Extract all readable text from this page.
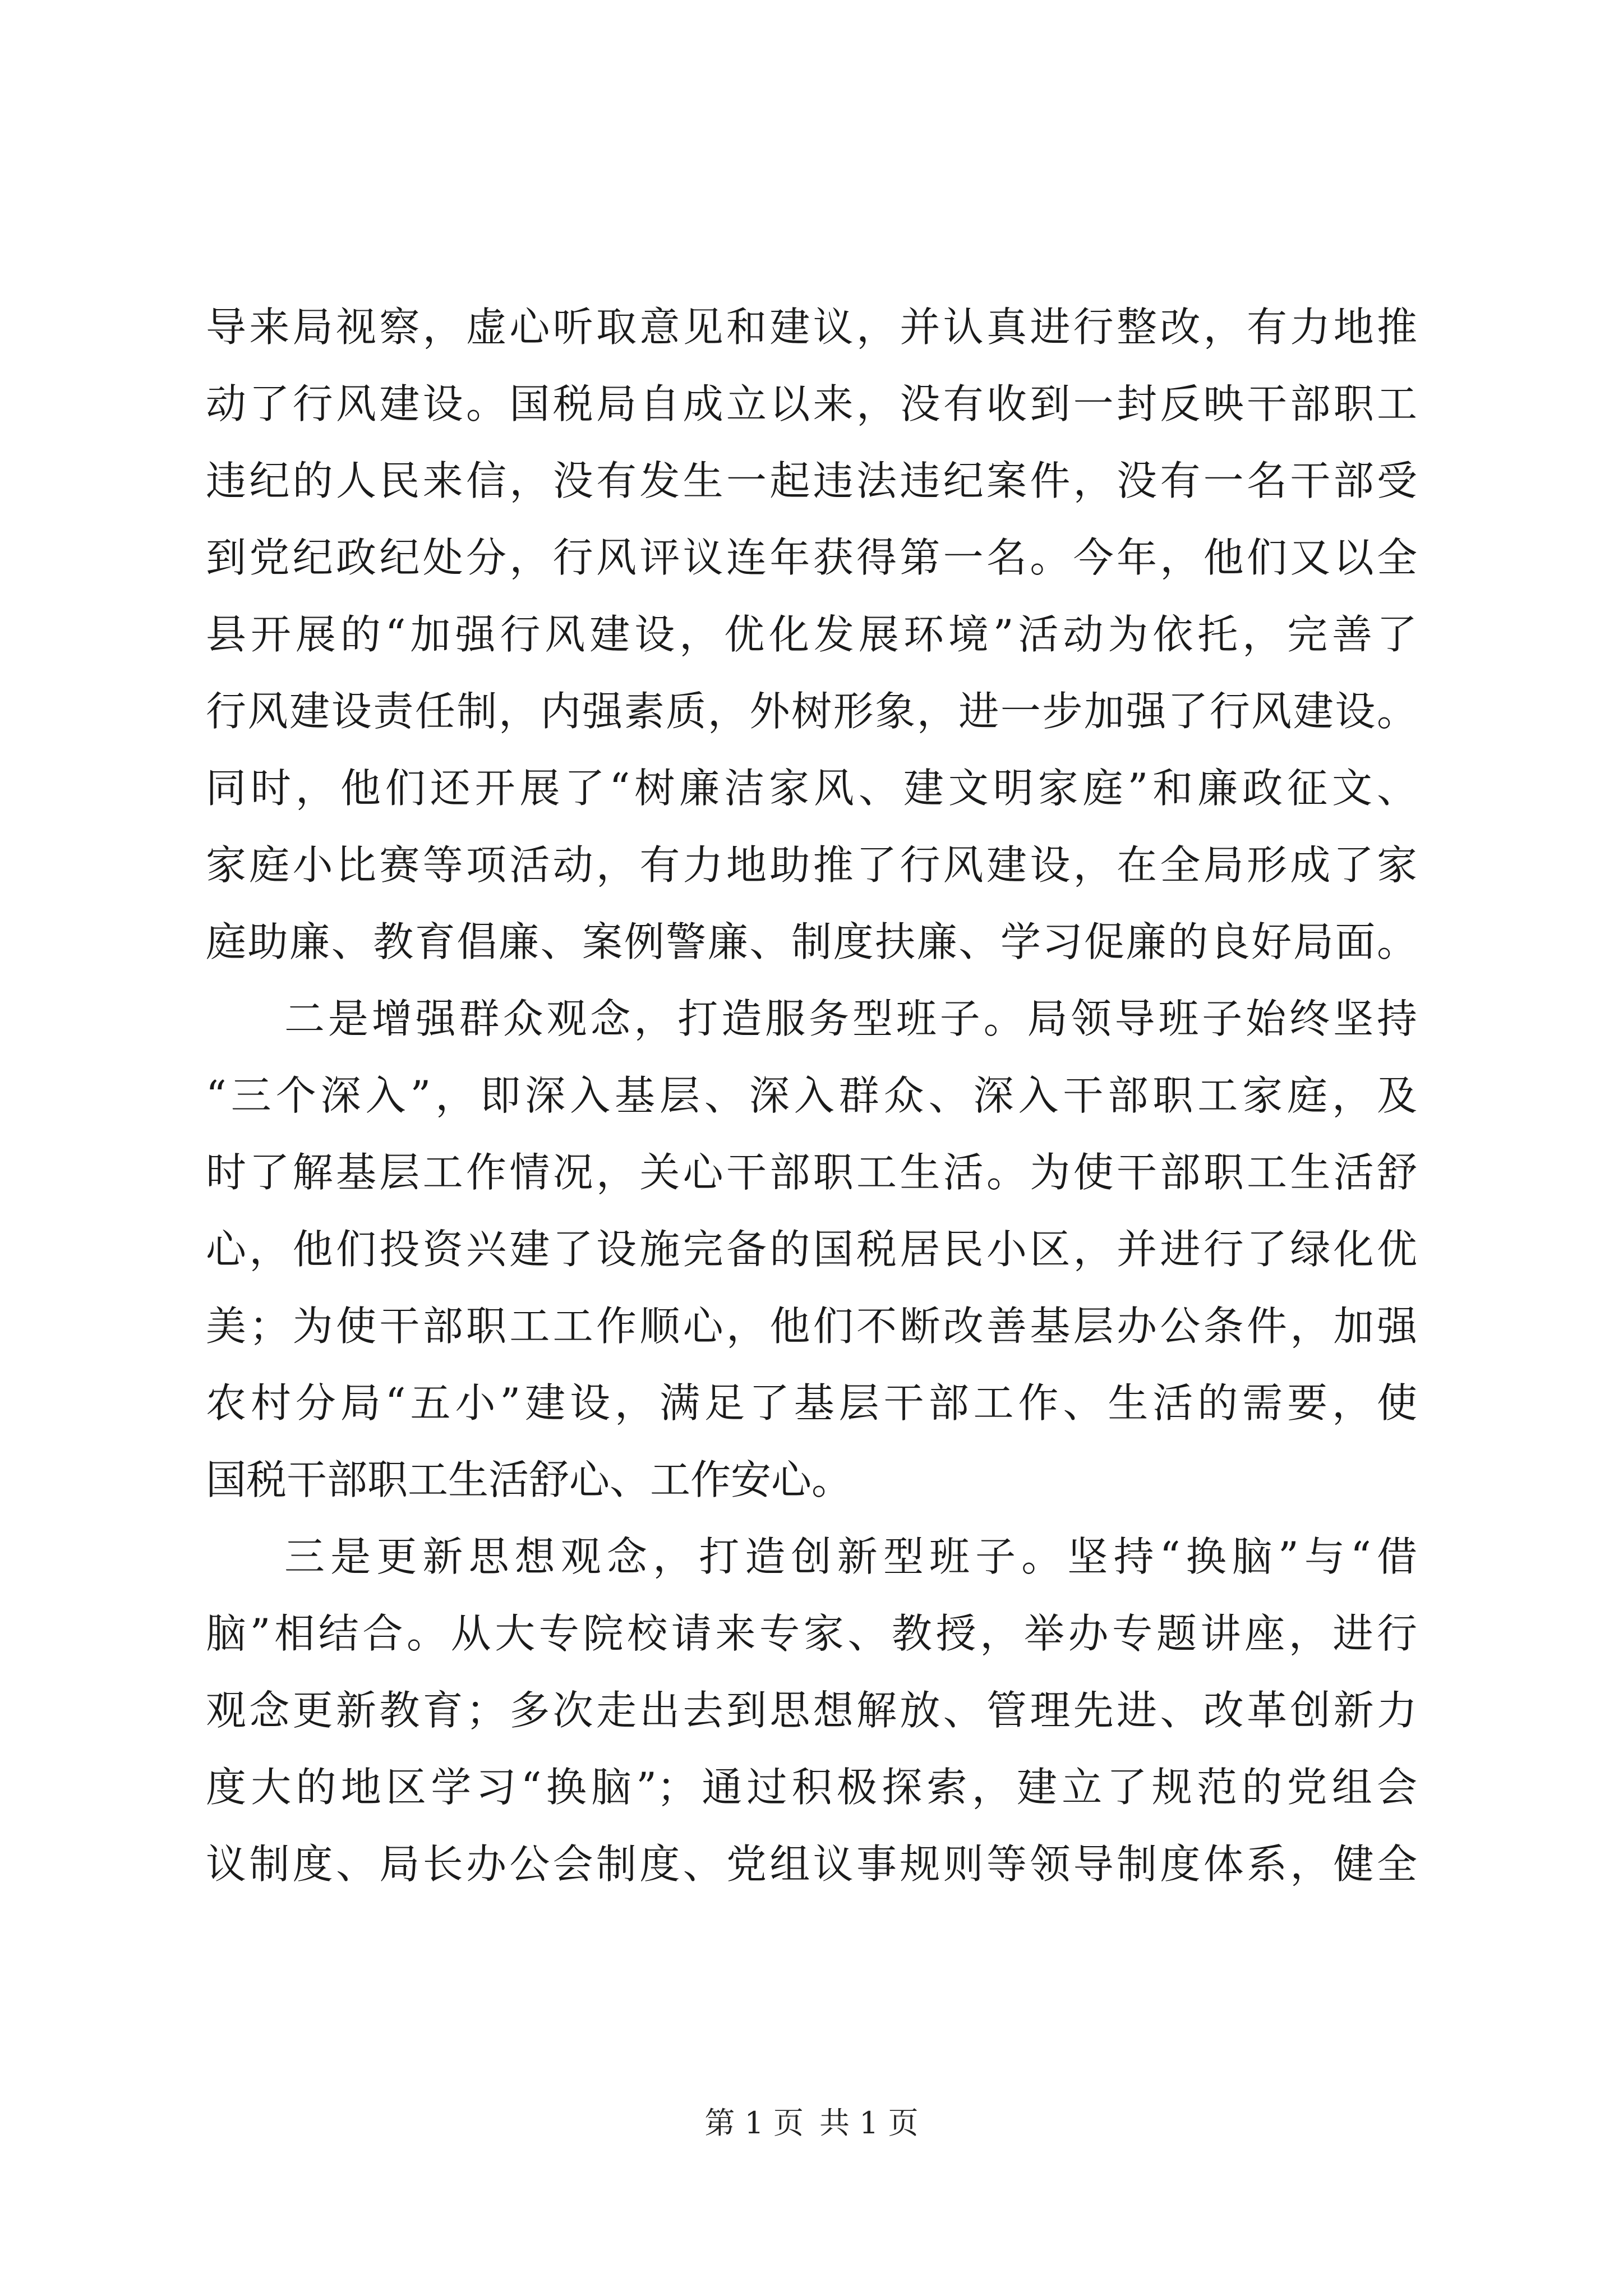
导来局视察，虚心听取意见和建议，并认真进行整改，有力地推
动了行风建设。国税局自成立以来，没有收到一封反映干部职工
违纪的人民来信，没有发生一起违法违纪案件，没有一名干部受
到党纪政纪处分，行风评议连年获得第一名。今年，他们又以全
县开展的“加强行风建设，优化发展环境”活动为依托，完善了
行风建设责任制，内强素质，外树形象，进一步加强了行风建设。
同时，他们还开展了“树廉洁家风、建文明家庭”和廉政征文、
家庭小比赛等项活动，有力地助推了行风建设，在全局形成了家
庭助廉、教育倡廉、案例警廉、制度扶廉、学习促廉的良好局面。
二是增强群众观念，打造服务型班子。局领导班子始终坚持
“三个深入”，即深入基层、深入群众、深入干部职工家庭，及
时了解基层工作情况，关心干部职工生活。为使干部职工生活舒
心，他们投资兴建了设施完备的国税居民小区，并进行了绿化优
美；为使干部职工工作顺心，他们不断改善基层办公条件，加强
农村分局“五小”建设，满足了基层干部工作、生活的需要，使
国税干部职工生活舒心、工作安心。
三是更新思想观念，打造创新型班子。坚持“换脑”与“借
脑”相结合。从大专院校请来专家、教授，举办专题讲座，进行
观念更新教育；多次走出去到思想解放、管理先进、改革创新力
度大的地区学习“换脑”；通过积极探索，建立了规范的党组会
议制度、局长办公会制度、党组议事规则等领导制度体系，健全
第 1 页 共 1 页
